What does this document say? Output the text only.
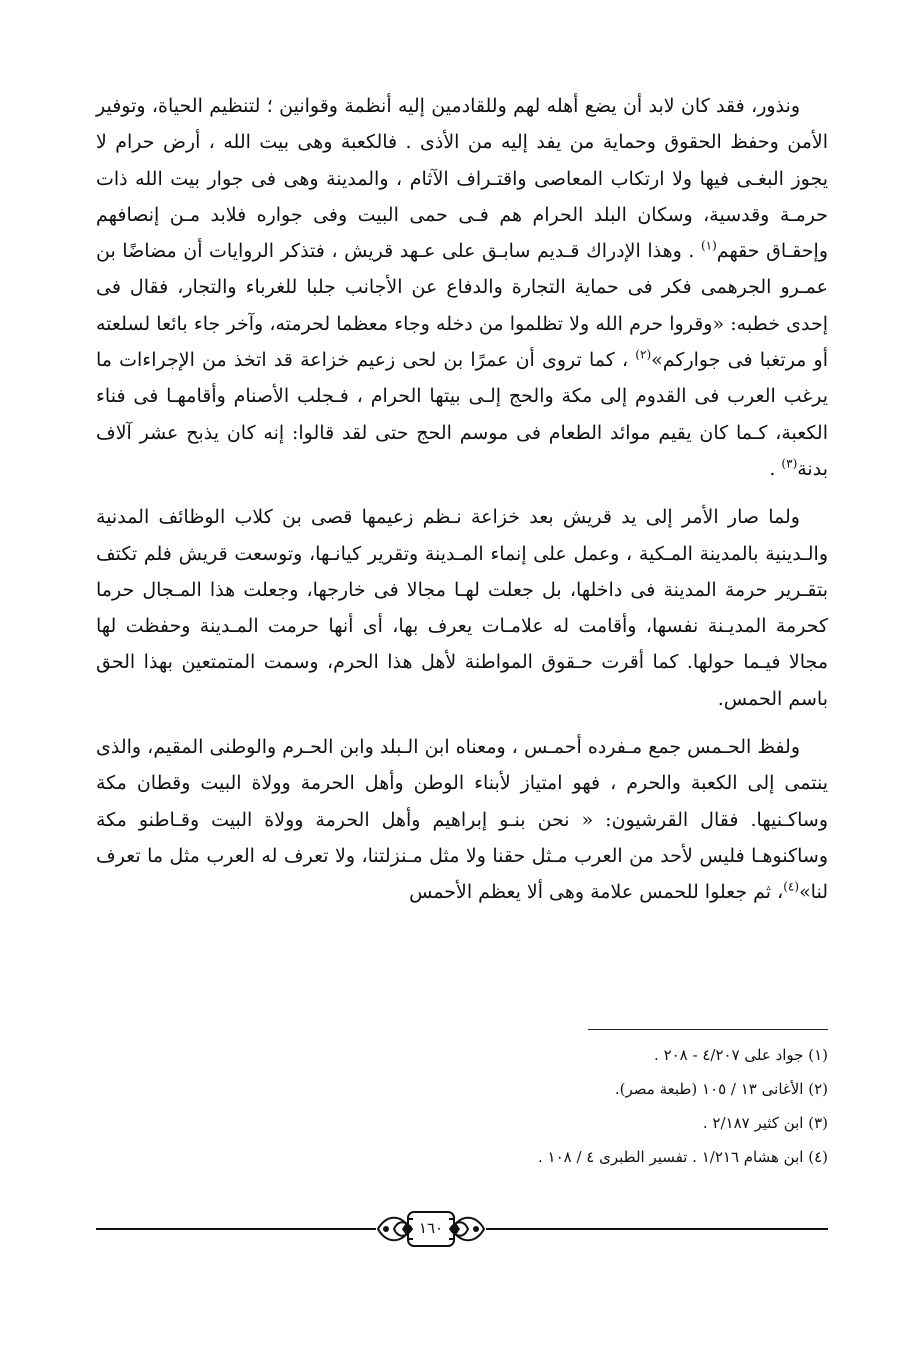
ونذور، فقد كان لابد أن يضع أهله لهم وللقادمين إليه أنظمة وقوانين ؛ لتنظيم الحياة، وتوفير الأمن وحفظ الحقوق وحماية من يفد إليه من الأذى . فالكعبة وهى بيت الله ، أرض حرام لا يجوز البغـى فيها ولا ارتكاب المعاصى واقتـراف الآثام ، والمدينة وهى فى جوار بيت الله ذات حرمـة وقدسية، وسكان البلد الحرام هم فـى حمى البيت وفى جواره فلابد مـن إنصافهم وإحقـاق حقهم$^{(١)}$ . وهذا الإدراك قـديم سابـق على عـهد قريش ، فتذكر الروايات أن مضاضًا بن عمـرو الجرهمى فكر فى حماية التجارة والدفاع عن الأجانب جلبا للغرباء والتجار، فقال فى إحدى خطبه: «وقروا حرم الله ولا تظلموا من دخله وجاء معظما لحرمته، وآخر جاء بائعا لسلعته أو مرتغبا فى جواركم»$^{(٢)}$ ، كما تروى أن عمرًا بن لحى زعيم خزاعة قد اتخذ من الإجراءات ما يرغب العرب فى القدوم إلى مكة والحج إلـى بيتها الحرام ، فـجلب الأصنام وأقامهـا فى فناء الكعبة، كـما كان يقيم موائد الطعام فى موسم الحج حتى لقد قالوا: إنه كان يذبح عشر آلاف بدنة$^{(٣)}$ .

ولما صار الأمر إلى يد قريش بعد خزاعة نـظم زعيمها قصى بن كلاب الوظائف المدنية والـدينية بالمدينة المـكية ، وعمل على إنماء المـدينة وتقرير كيانـها، وتوسعت قريش فلم تكتف بتقـرير حرمة المدينة فى داخلها، بل جعلت لهـا مجالا فى خارجها، وجعلت هذا المـجال حرما كحرمة المديـنة نفسها، وأقامت له علامـات يعرف بها، أى أنها حرمت المـدينة وحفظت لها مجالا فيـما حولها. كما أقرت حـقوق المواطنة لأهل هذا الحرم، وسمت المتمتعين بهذا الحق باسم الحمس.

ولفظ الحـمس جمع مـفرده أحمـس ، ومعناه ابن الـبلد وابن الحـرم والوطنى المقيم، والذى ينتمى إلى الكعبة والحرم ، فهو امتياز لأبناء الوطن وأهل الحرمة وولاة البيت وقطان مكة وساكـنيها. فقال القرشيون: « نحن بنـو إبراهيم وأهل الحرمة وولاة البيت وقـاطنو مكة وساكنوهـا فليس لأحد من العرب مـثل حقنا ولا مثل مـنزلتنا، ولا تعرف له العرب مثل ما تعرف لنا»$^{(٤)}$، ثم جعلوا للحمس علامة وهى ألا يعظم الأحمس

(١) جواد على ٤/٢٠٧ - ٢٠٨ .

(٢) الأغانى ١٣ / ١٠٥ (طبعة مصر).

(٣) ابن كثير ٢/١٨٧ .

(٤) ابن هشام ١/٢١٦ . تفسير الطبرى ٤ / ١٠٨ .

١٦٠
